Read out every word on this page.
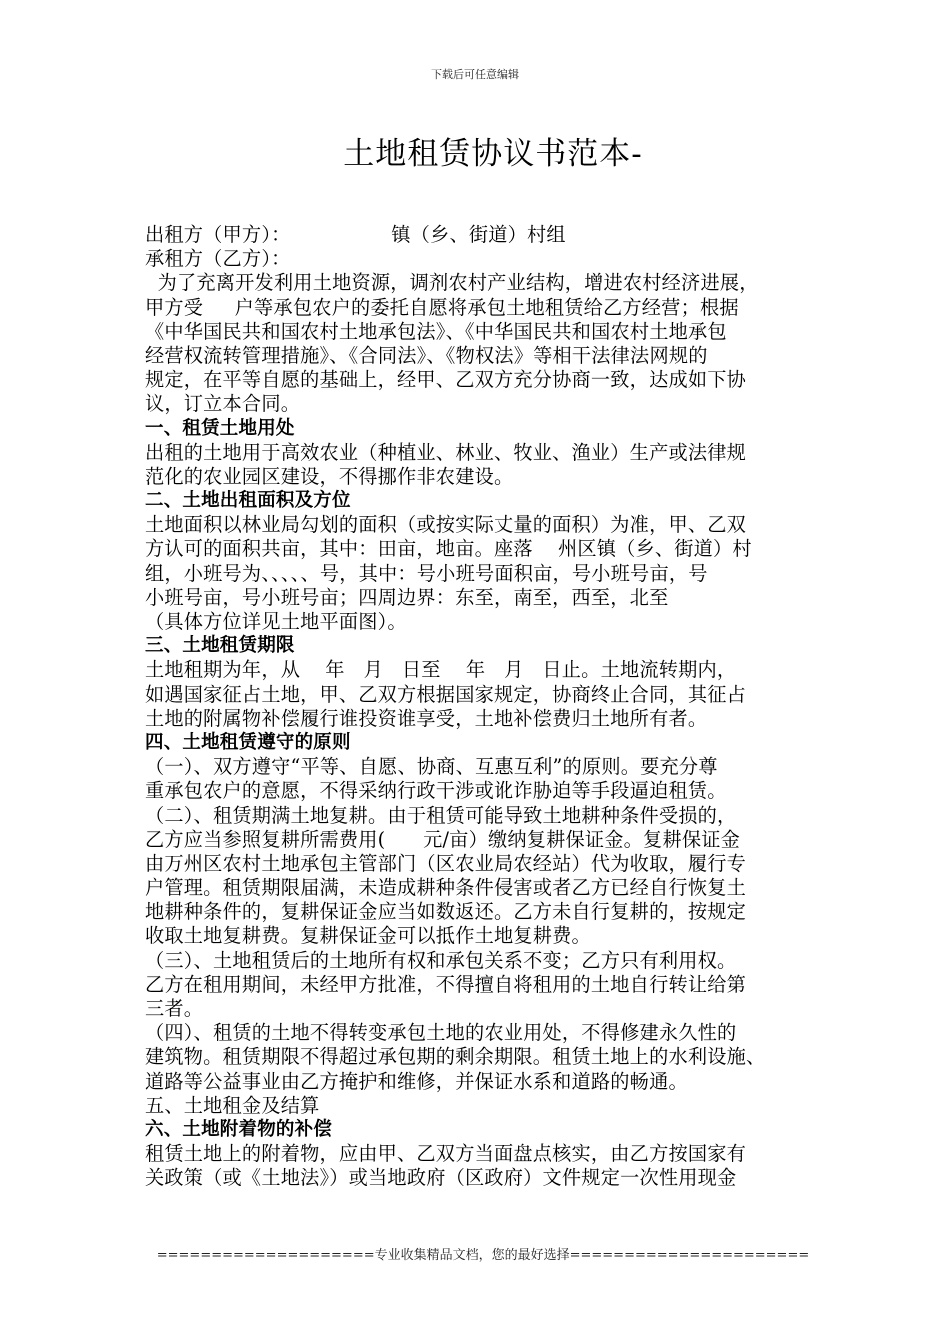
下载后可任意编辑
土地租赁协议书范本-
出租方（甲方）：                镇（乡、街道）村组
承租方（乙方）：
为了充离开发利用土地资源，调剂农村产业结构，增进农村经济进展，
甲方受     户等承包农户的委托自愿将承包土地租赁给乙方经营；根据
《中华国民共和国农村土地承包法》、《中华国民共和国农村土地承包
经营权流转管理措施》、《合同法》、《物权法》等相干法律法网规的
规定，在平等自愿的基础上，经甲、乙双方充分协商一致，达成如下协
议，订立本合同。
一、租赁土地用处
出租的土地用于高效农业（种植业、林业、牧业、渔业）生产或法律规
范化的农业园区建设，不得挪作非农建设。
二、土地出租面积及方位
土地面积以林业局勾划的面积（或按实际丈量的面积）为准，甲、乙双
方认可的面积共亩，其中：田亩，地亩。座落    州区镇（乡、街道）村
组，小班号为、、、、、号，其中：号小班号面积亩，号小班号亩，号
小班号亩，号小班号亩；四周边界：东至，南至，西至，北至
（具体方位详见土地平面图）。
三、土地租赁期限
土地租期为年，从    年   月   日至    年   月   日止。土地流转期内，
如遇国家征占土地，甲、乙双方根据国家规定，协商终止合同，其征占
土地的附属物补偿履行谁投资谁享受，土地补偿费归土地所有者。
四、土地租赁遵守的原则
（一）、双方遵守“平等、自愿、协商、互惠互利”的原则。要充分尊
重承包农户的意愿，不得采纳行政干涉或讹诈胁迫等手段逼迫租赁。
（二）、租赁期满土地复耕。由于租赁可能导致土地耕种条件受损的，
乙方应当参照复耕所需费用(      元/亩）缴纳复耕保证金。复耕保证金
由万州区农村土地承包主管部门（区农业局农经站）代为收取，履行专
户管理。租赁期限届满，未造成耕种条件侵害或者乙方已经自行恢复土
地耕种条件的，复耕保证金应当如数返还。乙方未自行复耕的，按规定
收取土地复耕费。复耕保证金可以抵作土地复耕费。
（三）、土地租赁后的土地所有权和承包关系不变；乙方只有利用权。
乙方在租用期间，未经甲方批准，不得擅自将租用的土地自行转让给第
三者。
（四）、租赁的土地不得转变承包土地的农业用处，不得修建永久性的
建筑物。租赁期限不得超过承包期的剩余期限。租赁土地上的水利设施、
道路等公益事业由乙方掩护和维修，并保证水系和道路的畅通。
五、土地租金及结算
六、土地附着物的补偿
租赁土地上的附着物，应由甲、乙双方当面盘点核实，由乙方按国家有
关政策（或《土地法》）或当地政府（区政府）文件规定一次性用现金
====================专业收集精品文档，您的最好选择======================
